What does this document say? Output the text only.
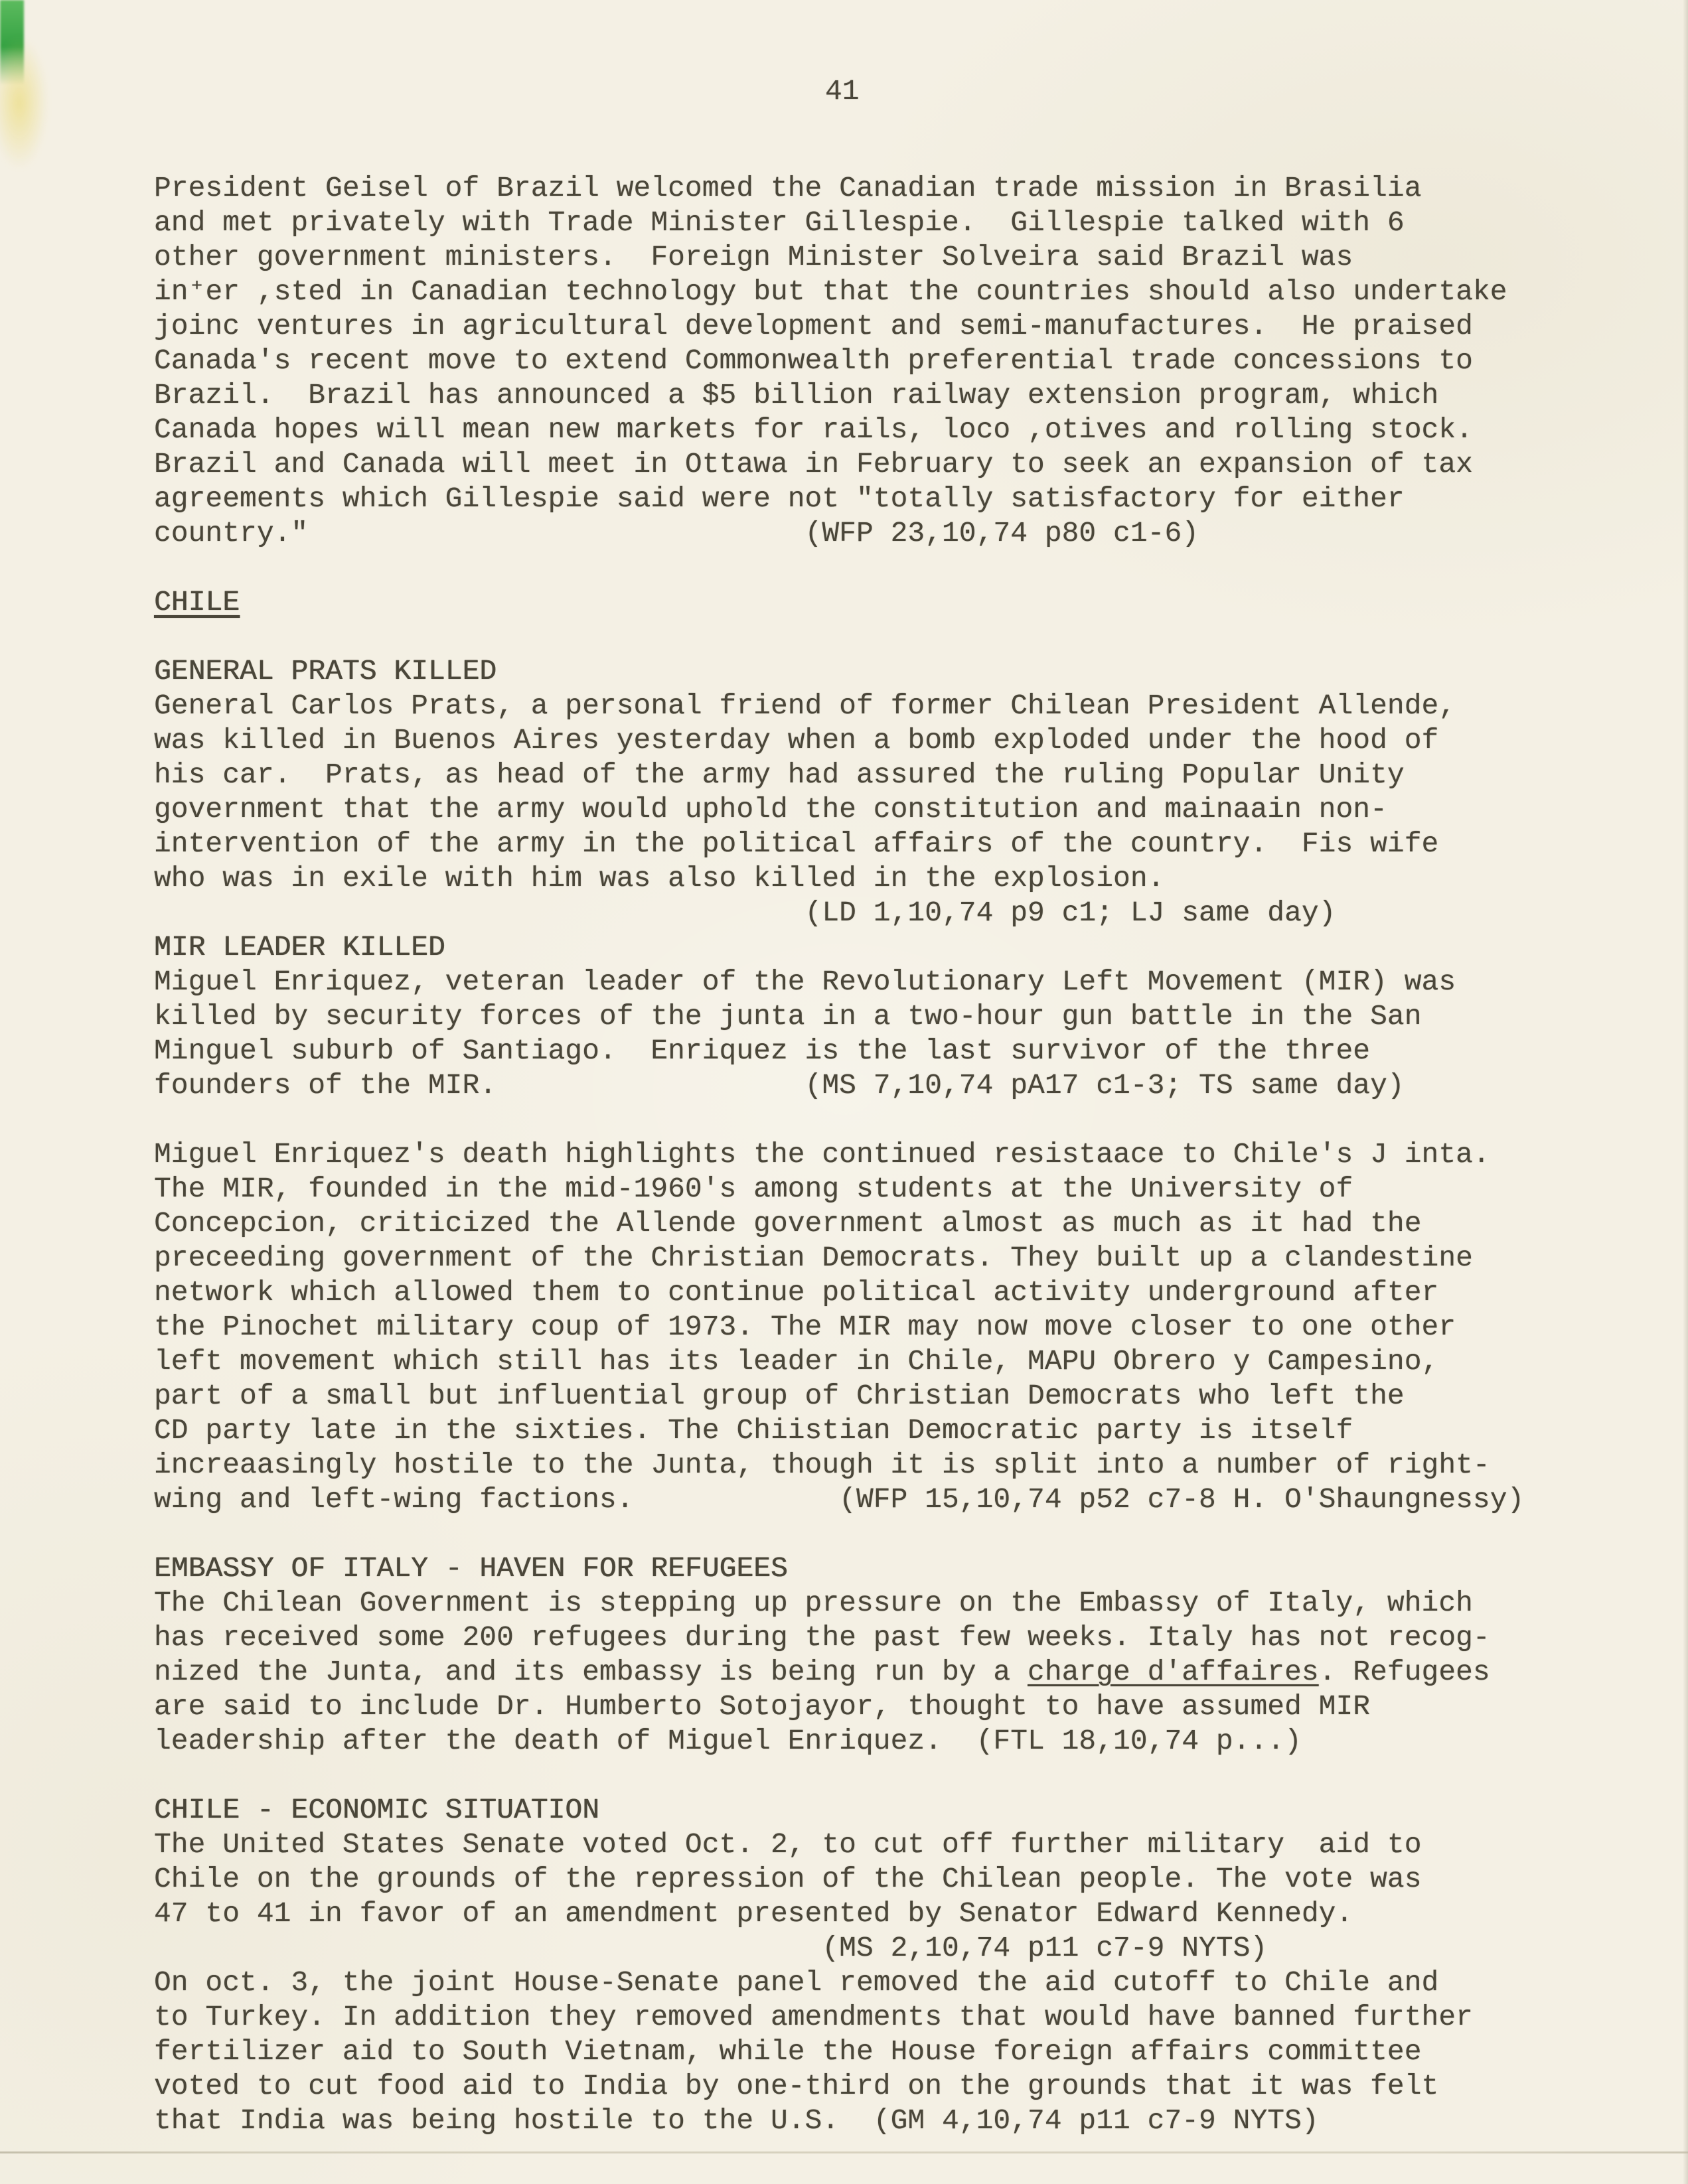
41
President Geisel of Brazil welcomed the Canadian trade mission in Brasilia
and met privately with Trade Minister Gillespie.  Gillespie talked with 6
other government ministers.  Foreign Minister Solveira said Brazil was
in⁺er ,sted in Canadian technology but that the countries should also undertake
joinc ventures in agricultural development and semi-manufactures.  He praised
Canada's recent move to extend Commonwealth preferential trade concessions to
Brazil.  Brazil has announced a $5 billion railway extension program, which
Canada hopes will mean new markets for rails, loco ,otives and rolling stock.
Brazil and Canada will meet in Ottawa in February to seek an expansion of tax
agreements which Gillespie said were not "totally satisfactory for either
country."                             (WFP 23,10,74 p80 c1-6)
CHILE
GENERAL PRATS KILLED
General Carlos Prats, a personal friend of former Chilean President Allende,
was killed in Buenos Aires yesterday when a bomb exploded under the hood of
his car.  Prats, as head of the army had assured the ruling Popular Unity
government that the army would uphold the constitution and mainaain non-
intervention of the army in the political affairs of the country.  Fis wife
who was in exile with him was also killed in the explosion.
(LD 1,10,74 p9 c1; LJ same day)
MIR LEADER KILLED
Miguel Enriquez, veteran leader of the Revolutionary Left Movement (MIR) was
killed by security forces of the junta in a two-hour gun battle in the San
Minguel suburb of Santiago.  Enriquez is the last survivor of the three
founders of the MIR.                  (MS 7,10,74 pA17 c1-3; TS same day)
Miguel Enriquez's death highlights the continued resistaace to Chile's J inta.
The MIR, founded in the mid-1960's among students at the University of
Concepcion, criticized the Allende government almost as much as it had the
preceeding government of the Christian Democrats. They built up a clandestine
network which allowed them to continue political activity underground after
the Pinochet military coup of 1973. The MIR may now move closer to one other
left movement which still has its leader in Chile, MAPU Obrero y Campesino,
part of a small but influential group of Christian Democrats who left the
CD party late in the sixties. The Chiistian Democratic party is itself
increaasingly hostile to the Junta, though it is split into a number of right-
wing and left-wing factions.            (WFP 15,10,74 p52 c7-8 H. O'Shaungnessy)
EMBASSY OF ITALY - HAVEN FOR REFUGEES
The Chilean Government is stepping up pressure on the Embassy of Italy, which
has received some 200 refugees during the past few weeks. Italy has not recog-
nized the Junta, and its embassy is being run by a charge d'affaires. Refugees
are said to include Dr. Humberto Sotojayor, thought to have assumed MIR
leadership after the death of Miguel Enriquez.  (FTL 18,10,74 p...)
CHILE - ECONOMIC SITUATION
The United States Senate voted Oct. 2, to cut off further military  aid to
Chile on the grounds of the repression of the Chilean people. The vote was
47 to 41 in favor of an amendment presented by Senator Edward Kennedy.
(MS 2,10,74 p11 c7-9 NYTS)
On oct. 3, the joint House-Senate panel removed the aid cutoff to Chile and
to Turkey. In addition they removed amendments that would have banned further
fertilizer aid to South Vietnam, while the House foreign affairs committee
voted to cut food aid to India by one-third on the grounds that it was felt
that India was being hostile to the U.S.  (GM 4,10,74 p11 c7-9 NYTS)
